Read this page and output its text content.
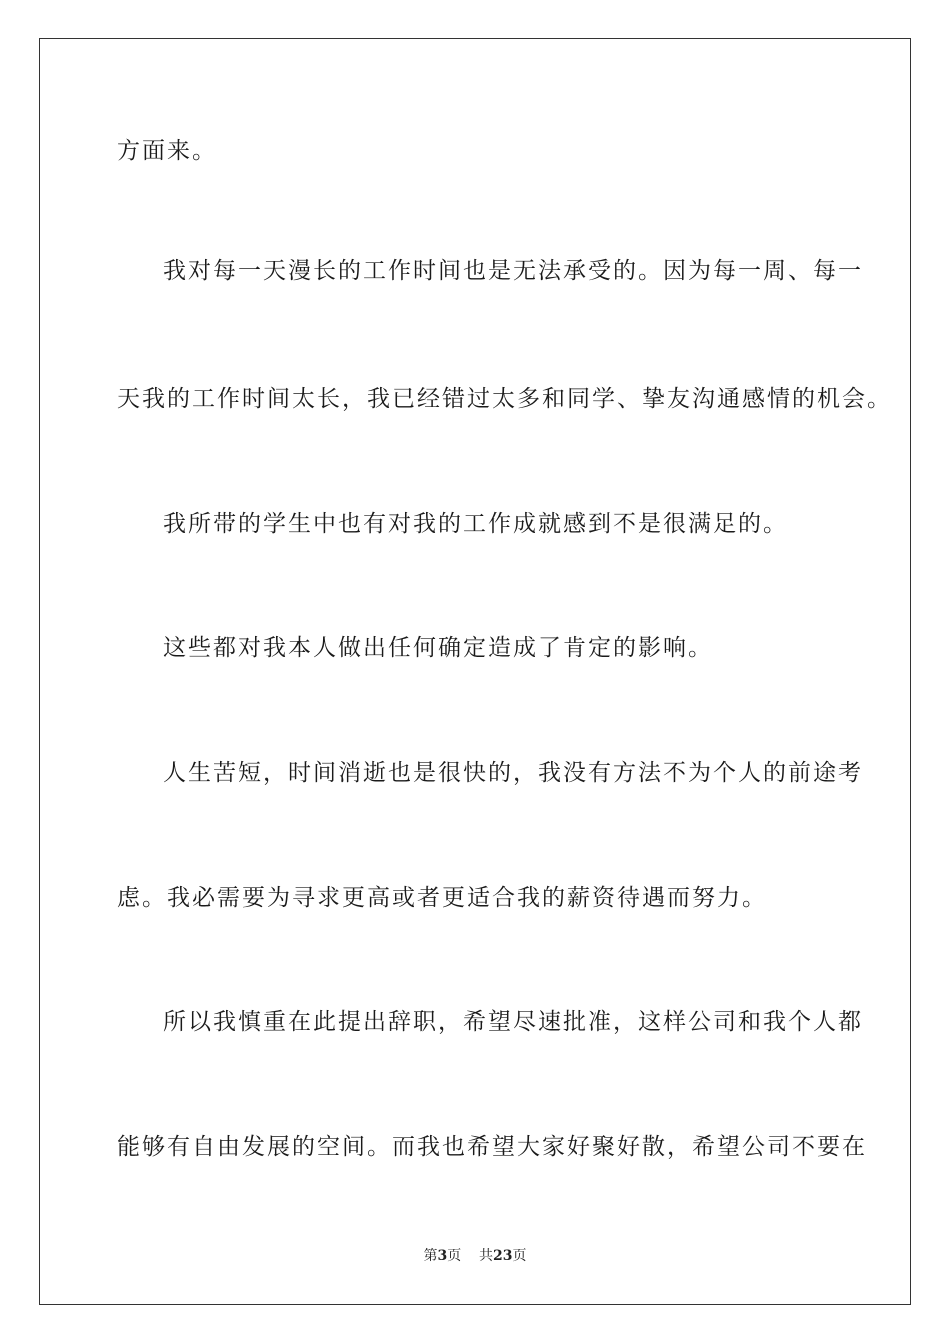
方面来。
我对每一天漫长的工作时间也是无法承受的。因为每一周、每一
天我的工作时间太长，我已经错过太多和同学、挚友沟通感情的机会。
我所带的学生中也有对我的工作成就感到不是很满足的。
这些都对我本人做出任何确定造成了肯定的影响。
人生苦短，时间消逝也是很快的，我没有方法不为个人的前途考
虑。我必需要为寻求更高或者更适合我的薪资待遇而努力。
所以我慎重在此提出辞职，希望尽速批准，这样公司和我个人都
能够有自由发展的空间。而我也希望大家好聚好散，希望公司不要在
第3页 共23页
